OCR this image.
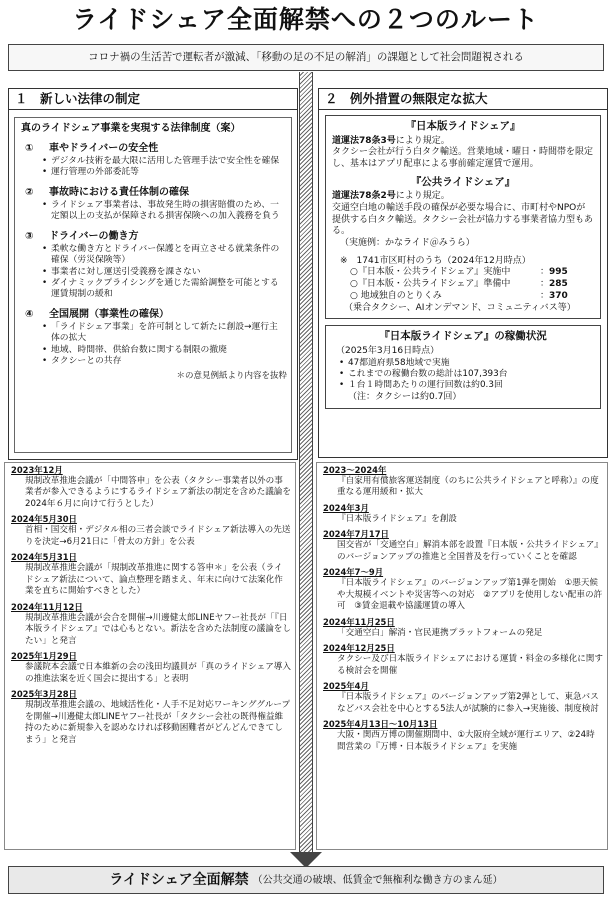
ライドシェア全面解禁への２つのルート
コロナ禍の生活苦で運転者が激減、「移動の足の不足の解消」の課題として社会問題視される
１　新しい法律の制定
真のライドシェア事業を実現する法律制度（案）
① 車やドライバーの安全性
• デジタル技術を最大限に活用した管理手法で安全性を確保
• 運行管理の外部委託等
② 事故時における責任体制の確保
• ライドシェア事業者は、事故発生時の損害賠償のため、一定額以上の支払が保障される損害保険への加入義務を負う
③ ドライバーの働き方
• 柔軟な働き方とドライバー保護とを両立させる就業条件の確保（労災保険等）
• 事業者に対し運送引受義務を課さない
• ダイナミックプライシングを通じた需給調整を可能とする運賃規制の緩和
④ 全国展開（事業性の確保）
• 「ライドシェア事業」を許可制として新たに創設→運行主体の拡大
• 地域、時間帯、供給台数に関する制限の撤廃
• タクシーとの共存
＊の意見例紙より内容を抜粋
２　例外措置の無限定な拡大
『日本版ライドシェア』
道運法78条3号により規定。
タクシー会社が行う白タク輸送。営業地域・曜日・時間帯を限定し、基本はアプリ配車による事前確定運賃で運用。
『公共ライドシェア』
道運法78条2号により規定。
交通空白地の輸送手段の確保が必要な場合に、市町村やNPOが提供する白タク輸送。タクシー会社が協力する事業者協力型もある。
（実施例：かなライド＠みうら）
※　1741市区町村のうち（2024年12月時点）
○『日本版・公共ライドシェア』実施中	： 995
○『日本版・公共ライドシェア』準備中	： 285
○ 地域独自のとりくみ	： 370
（乗合タクシー、AIオンデマンド、コミュニティバス等）
『日本版ライドシェア』の稼働状況
（2025年3月16日時点）
• 47都道府県58地域で実施
• これまでの稼働台数の総計は107,393台
• １台１時間あたりの運行回数は約0.3回
（注：タクシーは約0.7回）
2023年12月
規制改革推進会議が「中間答申」を公表（タクシー事業者以外の事業者が参入できるようにするライドシェア新法の制定を含めた議論を2024年６月に向けて行うとした）
2024年5月30日
首相・国交相・デジタル相の三者会談でライドシェア新法導入の先送りを決定→6月21日に「骨太の方針」を公表
2024年5月31日
規制改革推進会議が「規制改革推進に関する答申＊」を公表（ライドシェア新法について、論点整理を踏まえ、年末に向けて法案化作業を直ちに開始すべきとした）
2024年11月12日
規制改革推進会議が会合を開催→川邊健太郎LINEヤフー社長が「『日本版ライドシェア』では心もとない。新法を含めた法制度の議論をしたい」と発言
2025年1月29日
参議院本会議で日本維新の会の浅田均議員が「真のライドシェア導入の推進法案を近く国会に提出する」と表明
2025年3月28日
規制改革推進会議の、地域活性化・人手不足対応ワーキンググループを開催→川邊健太郎LINEヤフー社長が「タクシー会社の既得権益維持のために新規参入を認めなければ移動困難者がどんどんできてしまう」と発言
2023～2024年
『自家用有償旅客運送制度（のちに公共ライドシェアと呼称）』の度重なる運用緩和・拡大
2024年3月
『日本版ライドシェア』を創設
2024年7月17日
国交省が「交通空白」解消本部を設置『日本版・公共ライドシェア』のバージョンアップの推進と全国普及を行っていくことを確認
2024年7～9月
『日本版ライドシェア』のバージョンアップ第1弾を開始　①悪天候や大規模イベントや災害等への対応　②アプリを使用しない配車の許可　③賃金退載や協議運賃の導入
2024年11月25日
「交通空白」解消・官民連携プラットフォームの発足
2024年12月25日
タクシー及び日本版ライドシェアにおける運賃・料金の多様化に関する検討会を開催
2025年4月
『日本版ライドシェア』のバージョンアップ第2弾として、東急バスなどバス会社を中心とする5法人が試験的に参入→実施後、制度検討
2025年4月13日～10月13日
大阪・関西万博の開催期間中、①大阪府全域が運行エリア、②24時間営業の『万博・日本版ライドシェア』を実施
ライドシェア全面解禁 （公共交通の破壊、低賃金で無権利な働き方のまん延）
